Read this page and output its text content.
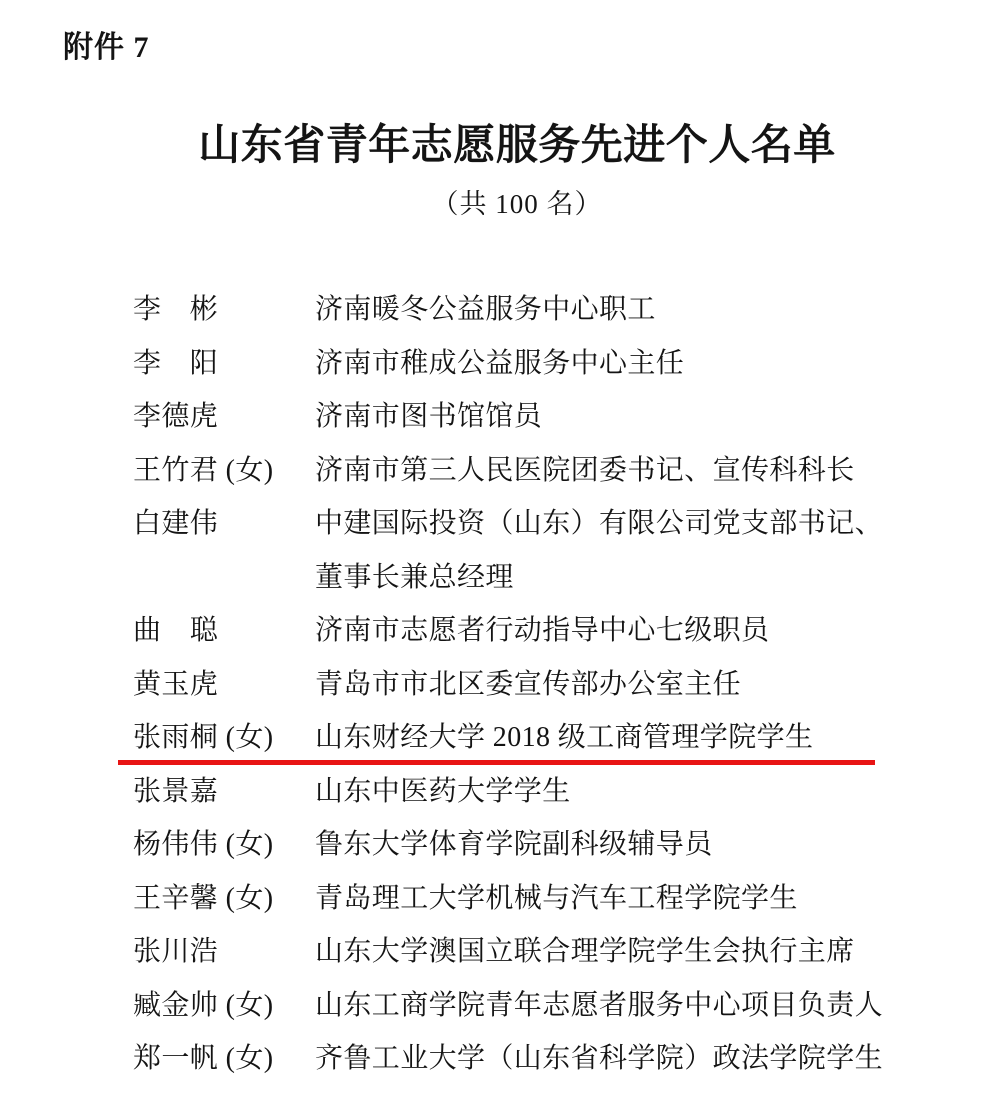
附件 7
山东省青年志愿服务先进个人名单
（共 100 名）
李　彬	济南暖冬公益服务中心职工
李　阳	济南市稚成公益服务中心主任
李德虎	济南市图书馆馆员
王竹君 (女)	济南市第三人民医院团委书记、宣传科科长
白建伟	中建国际投资（山东）有限公司党支部书记、董事长兼总经理
曲　聪	济南市志愿者行动指导中心七级职员
黄玉虎	青岛市市北区委宣传部办公室主任
张雨桐 (女)	山东财经大学 2018 级工商管理学院学生
张景嘉	山东中医药大学学生
杨伟伟 (女)	鲁东大学体育学院副科级辅导员
王辛馨 (女)	青岛理工大学机械与汽车工程学院学生
张川浩	山东大学澳国立联合理学院学生会执行主席
臧金帅 (女)	山东工商学院青年志愿者服务中心项目负责人
郑一帆 (女)	齐鲁工业大学（山东省科学院）政法学院学生
